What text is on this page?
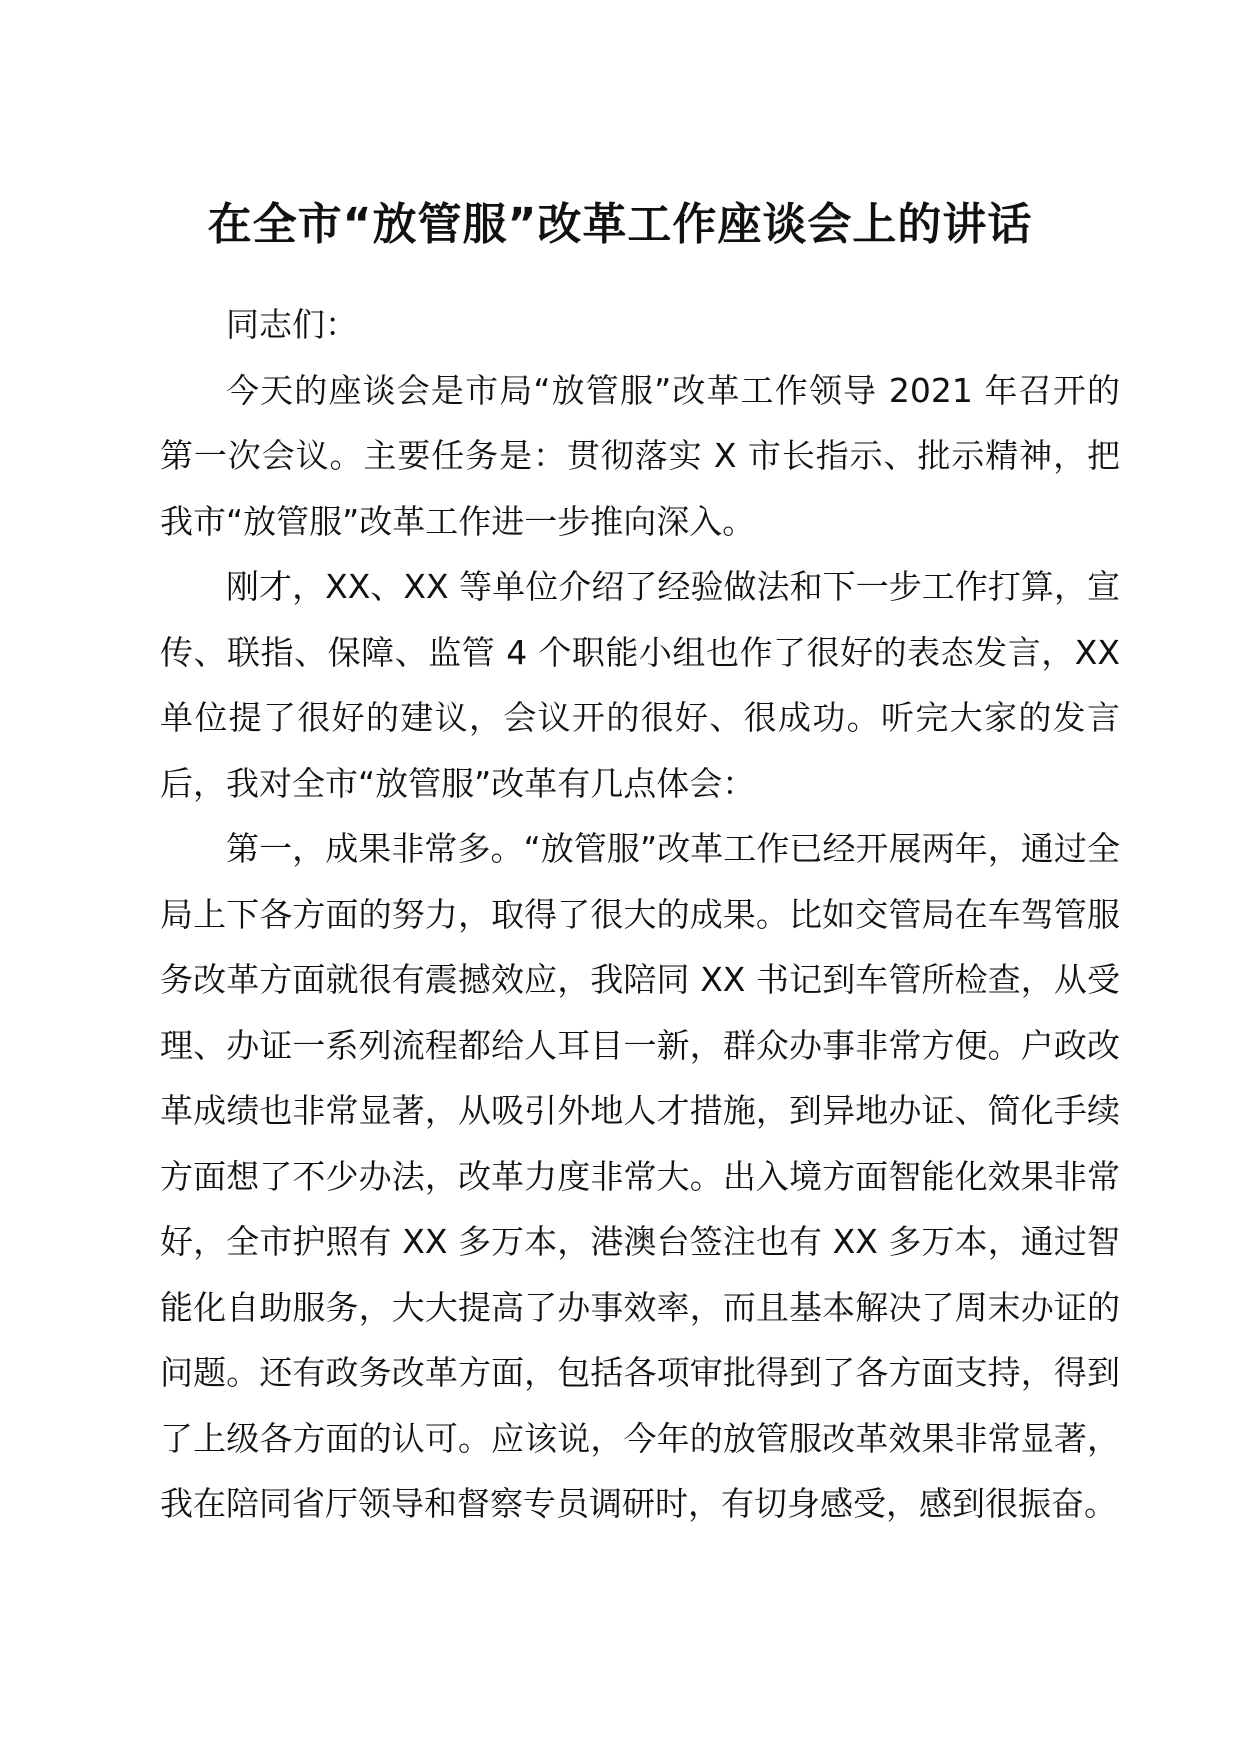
在全市“放管服”改革工作座谈会上的讲话

同志们：

今天的座谈会是市局“放管服”改革工作领导 2021 年召开的第一次会议。主要任务是：贯彻落实 X 市长指示、批示精神，把我市“放管服”改革工作进一步推向深入。

刚才，XX、XX 等单位介绍了经验做法和下一步工作打算，宣传、联指、保障、监管 4 个职能小组也作了很好的表态发言，XX 单位提了很好的建议，会议开的很好、很成功。听完大家的发言后，我对全市“放管服”改革有几点体会：

第一，成果非常多。“放管服”改革工作已经开展两年，通过全局上下各方面的努力，取得了很大的成果。比如交管局在车驾管服务改革方面就很有震撼效应，我陪同 XX 书记到车管所检查，从受理、办证一系列流程都给人耳目一新，群众办事非常方便。户政改革成绩也非常显著，从吸引外地人才措施，到异地办证、简化手续方面想了不少办法，改革力度非常大。出入境方面智能化效果非常好，全市护照有 XX 多万本，港澳台签注也有 XX 多万本，通过智能化自助服务，大大提高了办事效率，而且基本解决了周末办证的问题。还有政务改革方面，包括各项审批得到了各方面支持，得到了上级各方面的认可。应该说，今年的放管服改革效果非常显著，我在陪同省厅领导和督察专员调研时，有切身感受，感到很振奋。
